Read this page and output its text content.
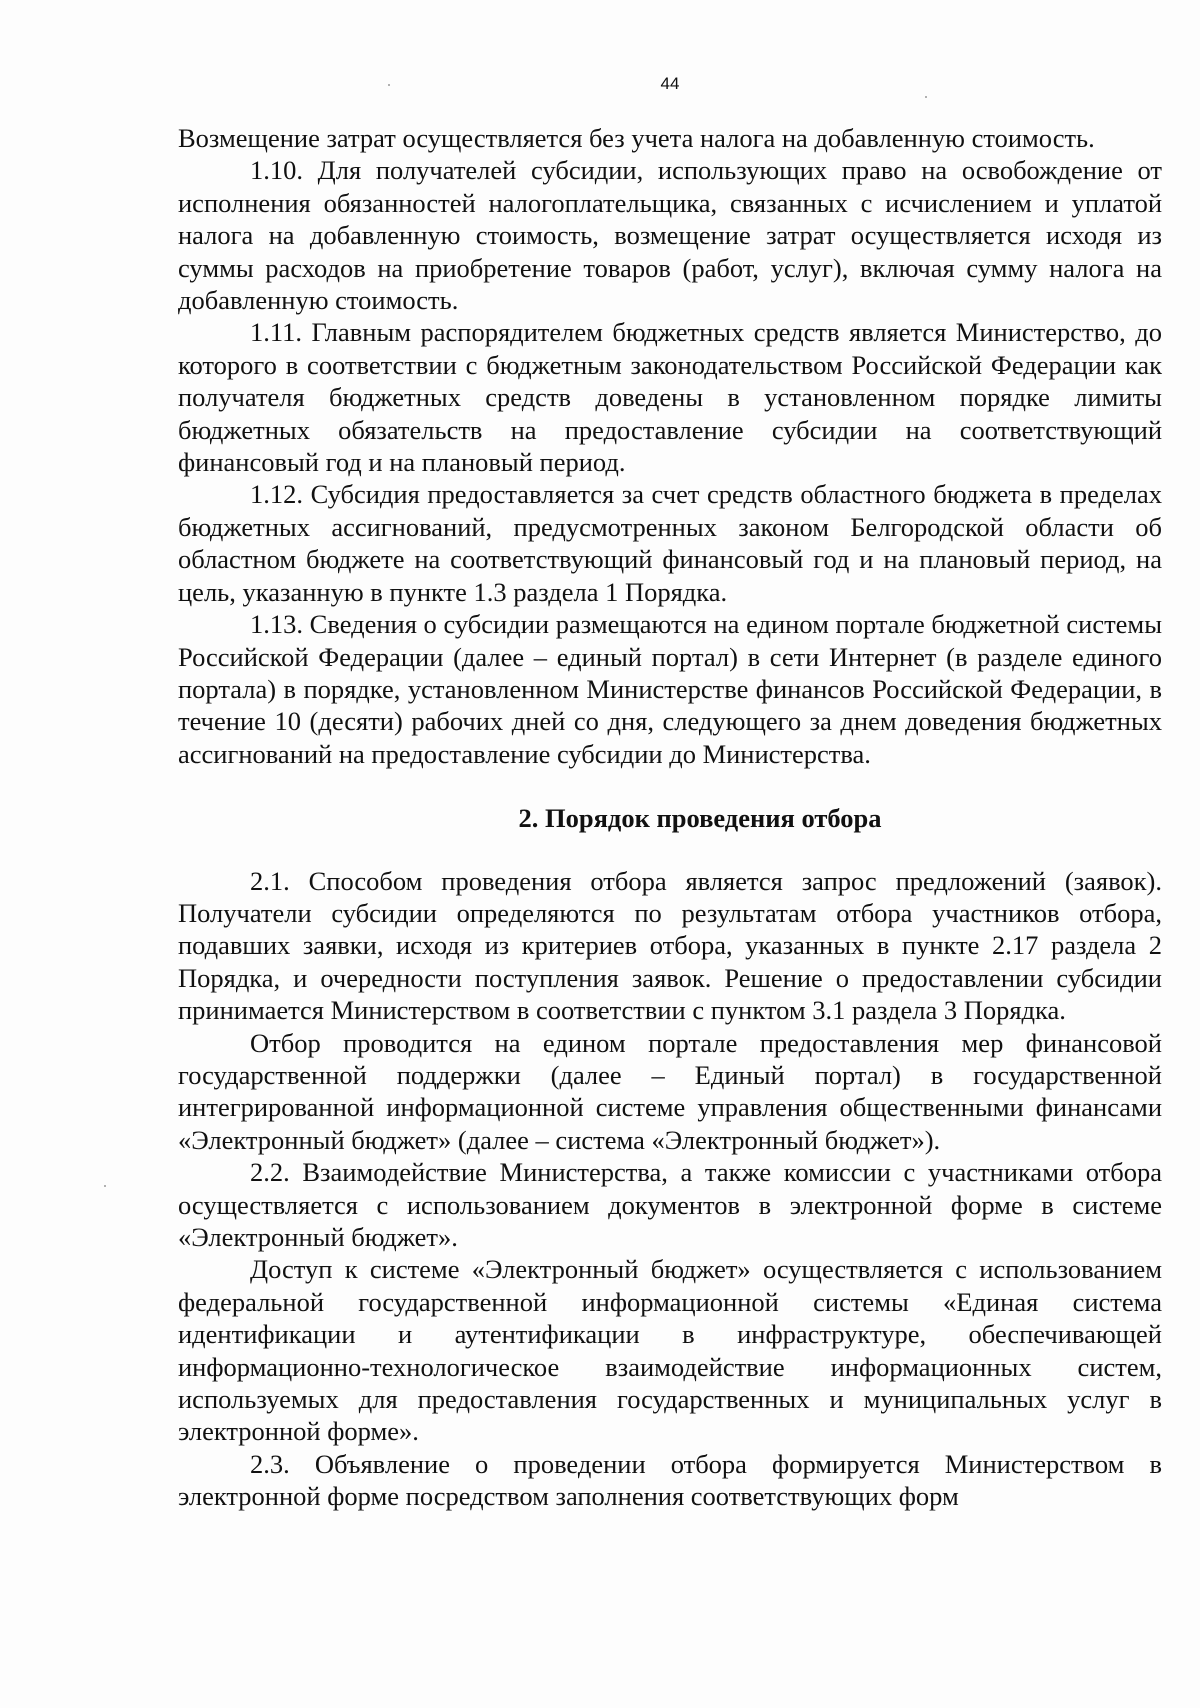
44

Возмещение затрат осуществляется без учета налога на добавленную стоимость.

1.10. Для получателей субсидии, использующих право на освобождение от исполнения обязанностей налогоплательщика, связанных с исчислением и уплатой налога на добавленную стоимость, возмещение затрат осуществляется исходя из суммы расходов на приобретение товаров (работ, услуг), включая сумму налога на добавленную стоимость.

1.11. Главным распорядителем бюджетных средств является Министерство, до которого в соответствии с бюджетным законодательством Российской Федерации как получателя бюджетных средств доведены в установленном порядке лимиты бюджетных обязательств на предоставление субсидии на соответствующий финансовый год и на плановый период.

1.12. Субсидия предоставляется за счет средств областного бюджета в пределах бюджетных ассигнований, предусмотренных законом Белгородской области об областном бюджете на соответствующий финансовый год и на плановый период, на цель, указанную в пункте 1.3 раздела 1 Порядка.

1.13. Сведения о субсидии размещаются на едином портале бюджетной системы Российской Федерации (далее – единый портал) в сети Интернет (в разделе единого портала) в порядке, установленном Министерстве финансов Российской Федерации, в течение 10 (десяти) рабочих дней со дня, следующего за днем доведения бюджетных ассигнований на предоставление субсидии до Министерства.

2. Порядок проведения отбора

2.1. Способом проведения отбора является запрос предложений (заявок). Получатели субсидии определяются по результатам отбора участников отбора, подавших заявки, исходя из критериев отбора, указанных в пункте 2.17 раздела 2 Порядка, и очередности поступления заявок. Решение о предоставлении субсидии принимается Министерством в соответствии с пунктом 3.1 раздела 3 Порядка.

Отбор проводится на едином портале предоставления мер финансовой государственной поддержки (далее – Единый портал) в государственной интегрированной информационной системе управления общественными финансами «Электронный бюджет» (далее – система «Электронный бюджет»).

2.2. Взаимодействие Министерства, а также комиссии с участниками отбора осуществляется с использованием документов в электронной форме в системе «Электронный бюджет».

Доступ к системе «Электронный бюджет» осуществляется с использованием федеральной государственной информационной системы «Единая система идентификации и аутентификации в инфраструктуре, обеспечивающей информационно-технологическое взаимодействие информационных систем, используемых для предоставления государственных и муниципальных услуг в электронной форме».

2.3. Объявление о проведении отбора формируется Министерством в электронной форме посредством заполнения соответствующих форм
